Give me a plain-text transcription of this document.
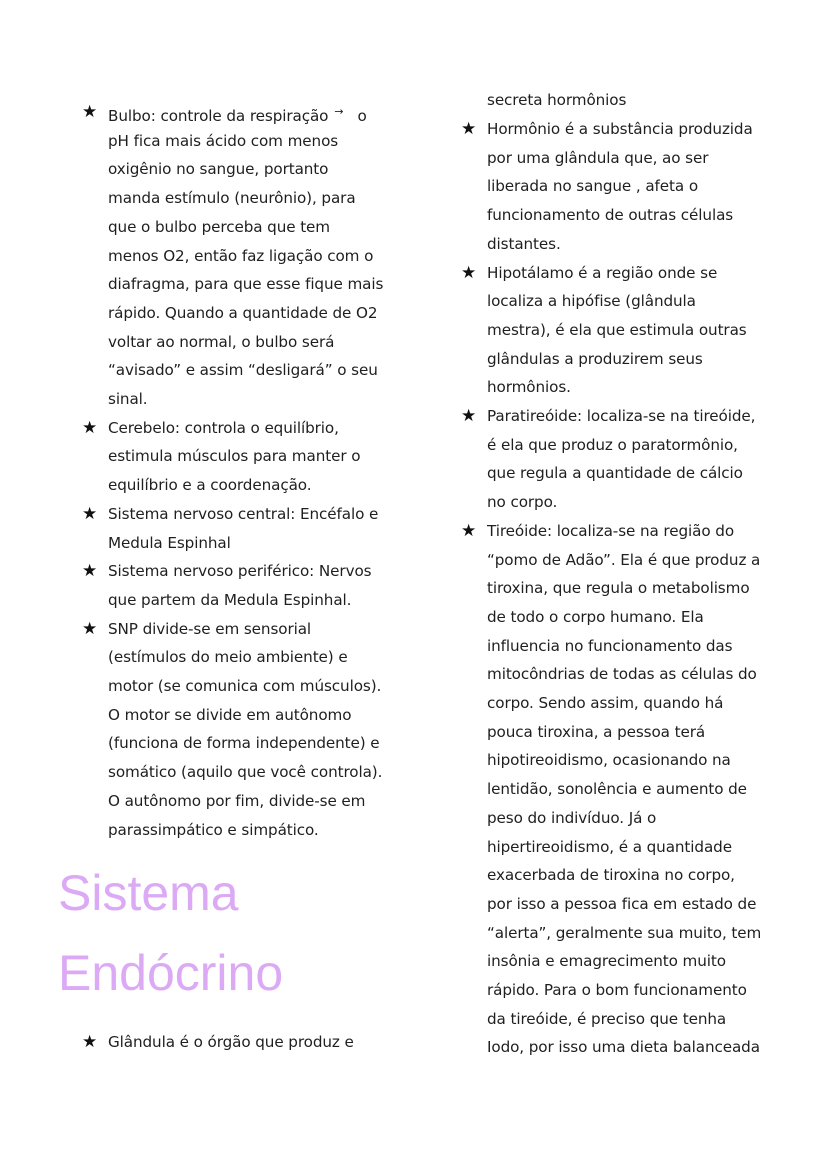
★ Bulbo: controle da respiração → o
pH fica mais ácido com menos
oxigênio no sangue, portanto
manda estímulo (neurônio), para
que o bulbo perceba que tem
menos O2, então faz ligação com o
diafragma, para que esse fique mais
rápido. Quando a quantidade de O2
voltar ao normal, o bulbo será
“avisado” e assim “desligará” o seu
sinal.
★ Cerebelo: controla o equilíbrio,
estimula músculos para manter o
equilíbrio e a coordenação.
★ Sistema nervoso central: Encéfalo e
Medula Espinhal
★ Sistema nervoso periférico: Nervos
que partem da Medula Espinhal.
★ SNP divide-se em sensorial
(estímulos do meio ambiente) e
motor (se comunica com músculos).
O motor se divide em autônomo
(funciona de forma independente) e
somático (aquilo que você controla).
O autônomo por fim, divide-se em
parassimpático e simpático.
Sistema
Endócrino
★ Glândula é o órgão que produz e
secreta hormônios
★ Hormônio é a substância produzida
por uma glândula que, ao ser
liberada no sangue , afeta o
funcionamento de outras células
distantes.
★ Hipotálamo é a região onde se
localiza a hipófise (glândula
mestra), é ela que estimula outras
glândulas a produzirem seus
hormônios.
★ Paratireóide: localiza-se na tireóide,
é ela que produz o paratormônio,
que regula a quantidade de cálcio
no corpo.
★ Tireóide: localiza-se na região do
“pomo de Adão”. Ela é que produz a
tiroxina, que regula o metabolismo
de todo o corpo humano. Ela
influencia no funcionamento das
mitocôndrias de todas as células do
corpo. Sendo assim, quando há
pouca tiroxina, a pessoa terá
hipotireoidismo, ocasionando na
lentidão, sonolência e aumento de
peso do indivíduo. Já o
hipertireoidismo, é a quantidade
exacerbada de tiroxina no corpo,
por isso a pessoa fica em estado de
“alerta”, geralmente sua muito, tem
insônia e emagrecimento muito
rápido. Para o bom funcionamento
da tireóide, é preciso que tenha
Iodo, por isso uma dieta balanceada
